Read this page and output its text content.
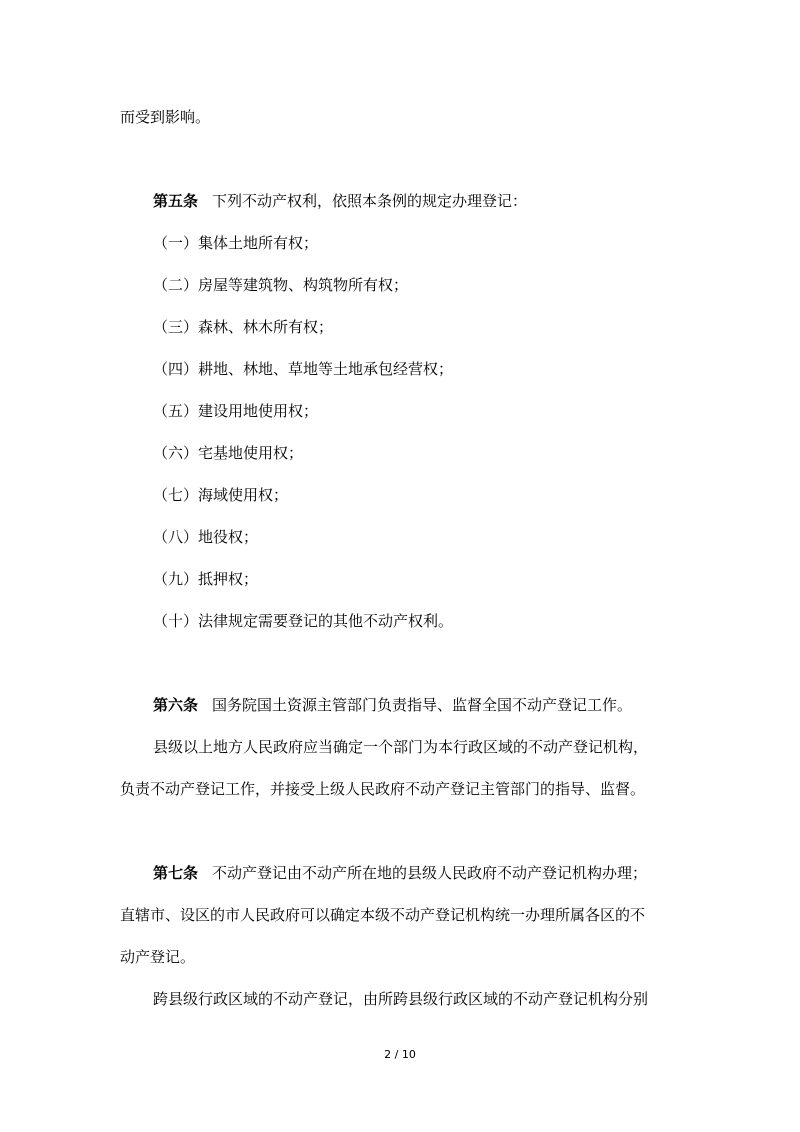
而受到影响。
第五条 下列不动产权利，依照本条例的规定办理登记：
（一）集体土地所有权；
（二）房屋等建筑物、构筑物所有权；
（三）森林、林木所有权；
（四）耕地、林地、草地等土地承包经营权；
（五）建设用地使用权；
（六）宅基地使用权；
（七）海域使用权；
（八）地役权；
（九）抵押权；
（十）法律规定需要登记的其他不动产权利。
第六条 国务院国土资源主管部门负责指导、监督全国不动产登记工作。
县级以上地方人民政府应当确定一个部门为本行政区域的不动产登记机构，
负责不动产登记工作，并接受上级人民政府不动产登记主管部门的指导、监督。
第七条 不动产登记由不动产所在地的县级人民政府不动产登记机构办理；
直辖市、设区的市人民政府可以确定本级不动产登记机构统一办理所属各区的不
动产登记。
跨县级行政区域的不动产登记，由所跨县级行政区域的不动产登记机构分别
2 / 10
